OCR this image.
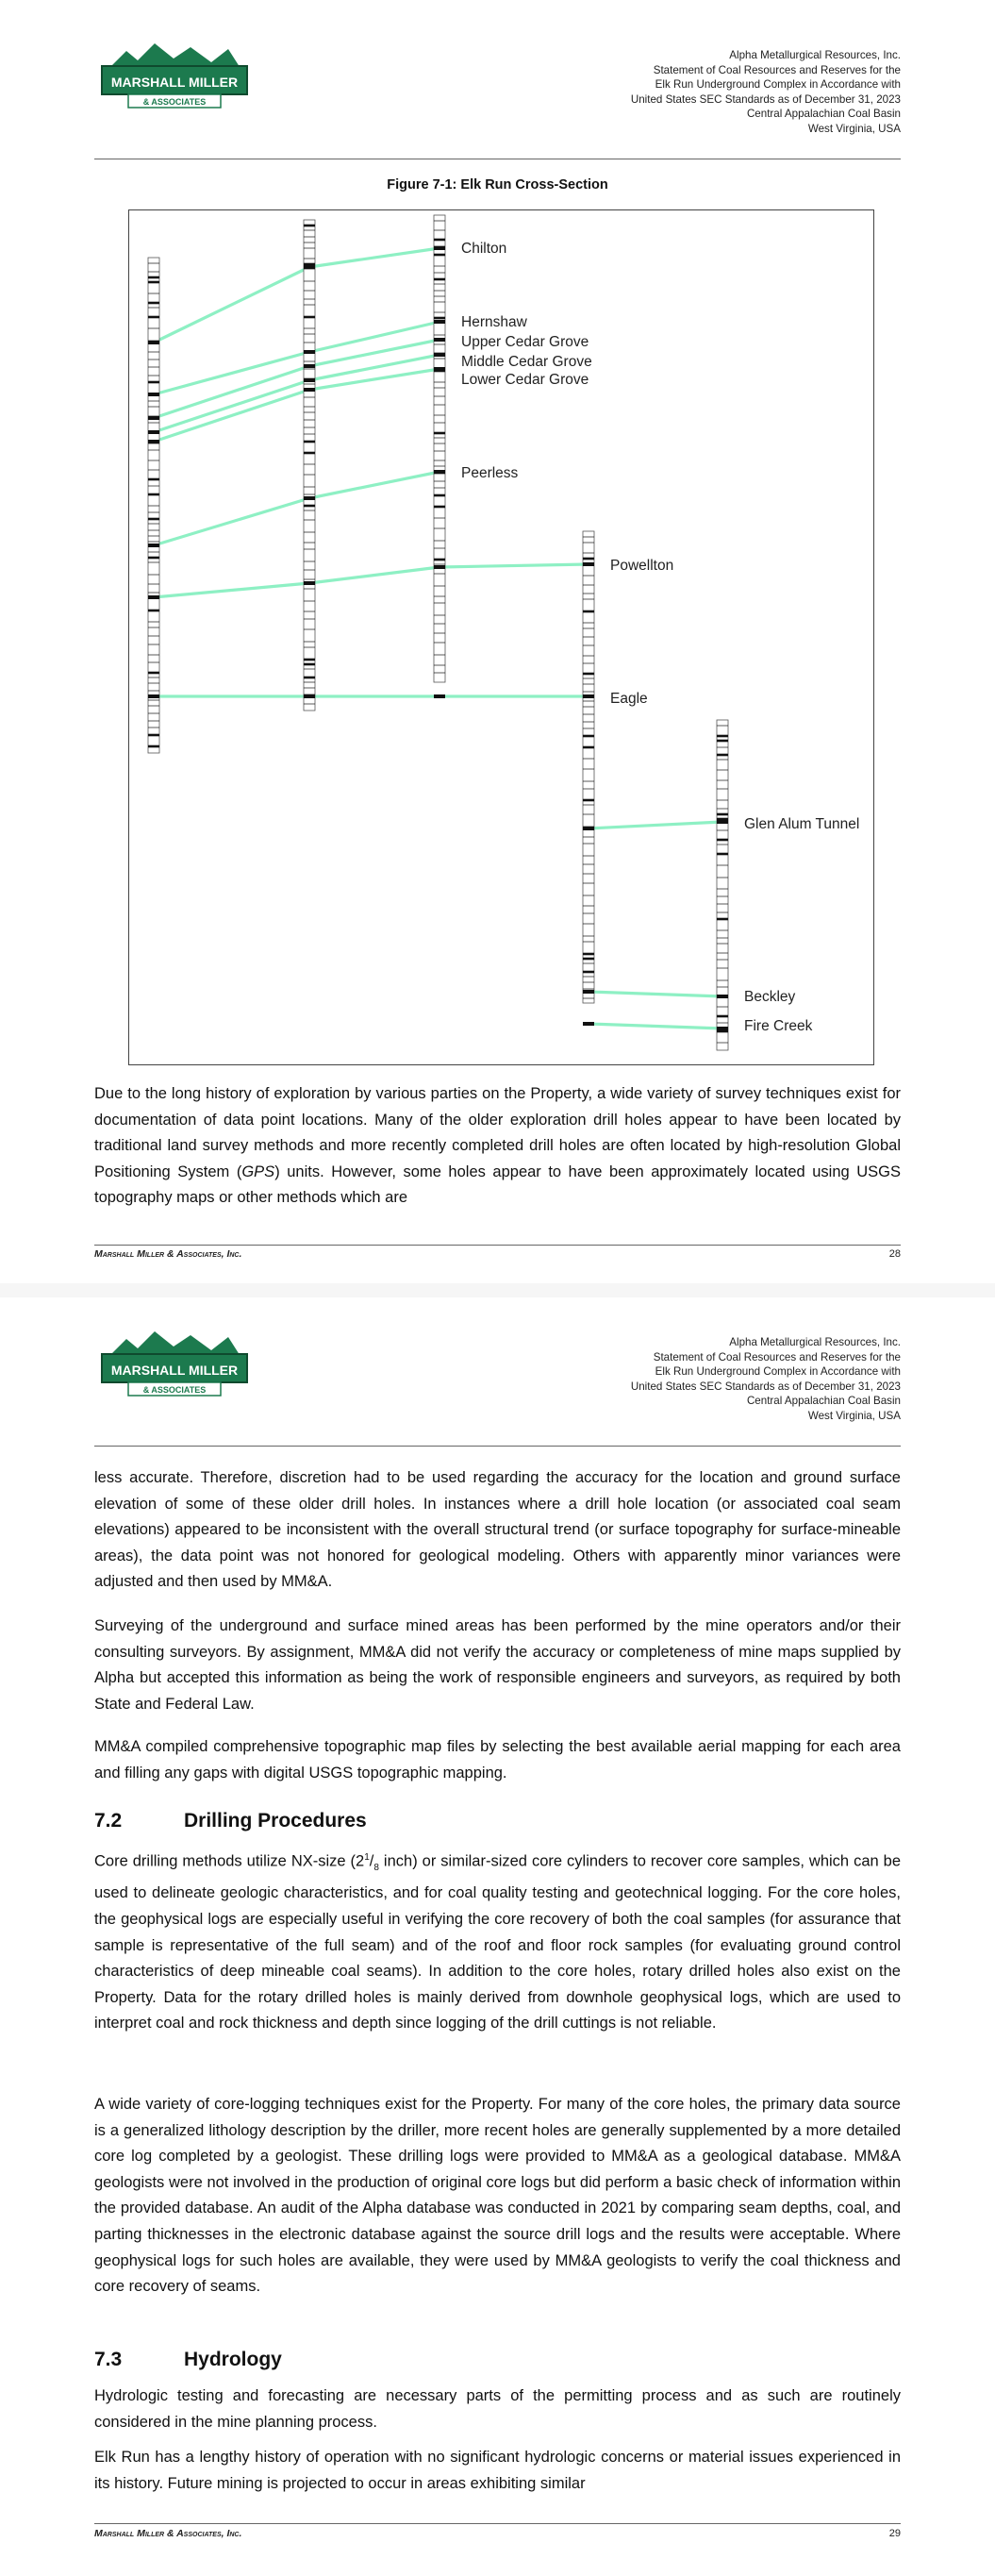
MARSHALL MILLER
& ASSOCIATES
Alpha Metallurgical Resources, Inc.
Statement of Coal Resources and Reserves for the
Elk Run Underground Complex in Accordance with
United States SEC Standards as of December 31, 2023
Central Appalachian Coal Basin
West Virginia, USA
Figure 7-1: Elk Run Cross-Section
Chilton
Hernshaw
Upper Cedar Grove
Middle Cedar Grove
Lower Cedar Grove
Peerless
Powellton
Eagle
Glen Alum Tunnel
Beckley
Fire Creek

Due to the long history of exploration by various parties on the Property, a wide variety of survey techniques exist for documentation of data point locations. Many of the older exploration drill holes appear to have been located by traditional land survey methods and more recently completed drill holes are often located by high-resolution Global Positioning System (GPS) units. However, some holes appear to have been approximately located using USGS topography maps or other methods which are

Marshall Miller & Associates, Inc.	28
MARSHALL MILLER
& ASSOCIATES
Alpha Metallurgical Resources, Inc.
Statement of Coal Resources and Reserves for the
Elk Run Underground Complex in Accordance with
United States SEC Standards as of December 31, 2023
Central Appalachian Coal Basin
West Virginia, USA

less accurate. Therefore, discretion had to be used regarding the accuracy for the location and ground surface elevation of some of these older drill holes. In instances where a drill hole location (or associated coal seam elevations) appeared to be inconsistent with the overall structural trend (or surface topography for surface-mineable areas), the data point was not honored for geological modeling. Others with apparently minor variances were adjusted and then used by MM&A.

Surveying of the underground and surface mined areas has been performed by the mine operators and/or their consulting surveyors. By assignment, MM&A did not verify the accuracy or completeness of mine maps supplied by Alpha but accepted this information as being the work of responsible engineers and surveyors, as required by both State and Federal Law.

MM&A compiled comprehensive topographic map files by selecting the best available aerial mapping for each area and filling any gaps with digital USGS topographic mapping.

7.2	Drilling Procedures

Core drilling methods utilize NX-size ($2^1/_8$ inch) or similar-sized core cylinders to recover core samples, which can be used to delineate geologic characteristics, and for coal quality testing and geotechnical logging. For the core holes, the geophysical logs are especially useful in verifying the core recovery of both the coal samples (for assurance that sample is representative of the full seam) and of the roof and floor rock samples (for evaluating ground control characteristics of deep mineable coal seams). In addition to the core holes, rotary drilled holes also exist on the Property. Data for the rotary drilled holes is mainly derived from downhole geophysical logs, which are used to interpret coal and rock thickness and depth since logging of the drill cuttings is not reliable.

A wide variety of core-logging techniques exist for the Property. For many of the core holes, the primary data source is a generalized lithology description by the driller, more recent holes are generally supplemented by a more detailed core log completed by a geologist. These drilling logs were provided to MM&A as a geological database. MM&A geologists were not involved in the production of original core logs but did perform a basic check of information within the provided database. An audit of the Alpha database was conducted in 2021 by comparing seam depths, coal, and parting thicknesses in the electronic database against the source drill logs and the results were acceptable. Where geophysical logs for such holes are available, they were used by MM&A geologists to verify the coal thickness and core recovery of seams.

7.3	Hydrology

Hydrologic testing and forecasting are necessary parts of the permitting process and as such are routinely considered in the mine planning process.

Elk Run has a lengthy history of operation with no significant hydrologic concerns or material issues experienced in its history. Future mining is projected to occur in areas exhibiting similar

Marshall Miller & Associates, Inc.	29
